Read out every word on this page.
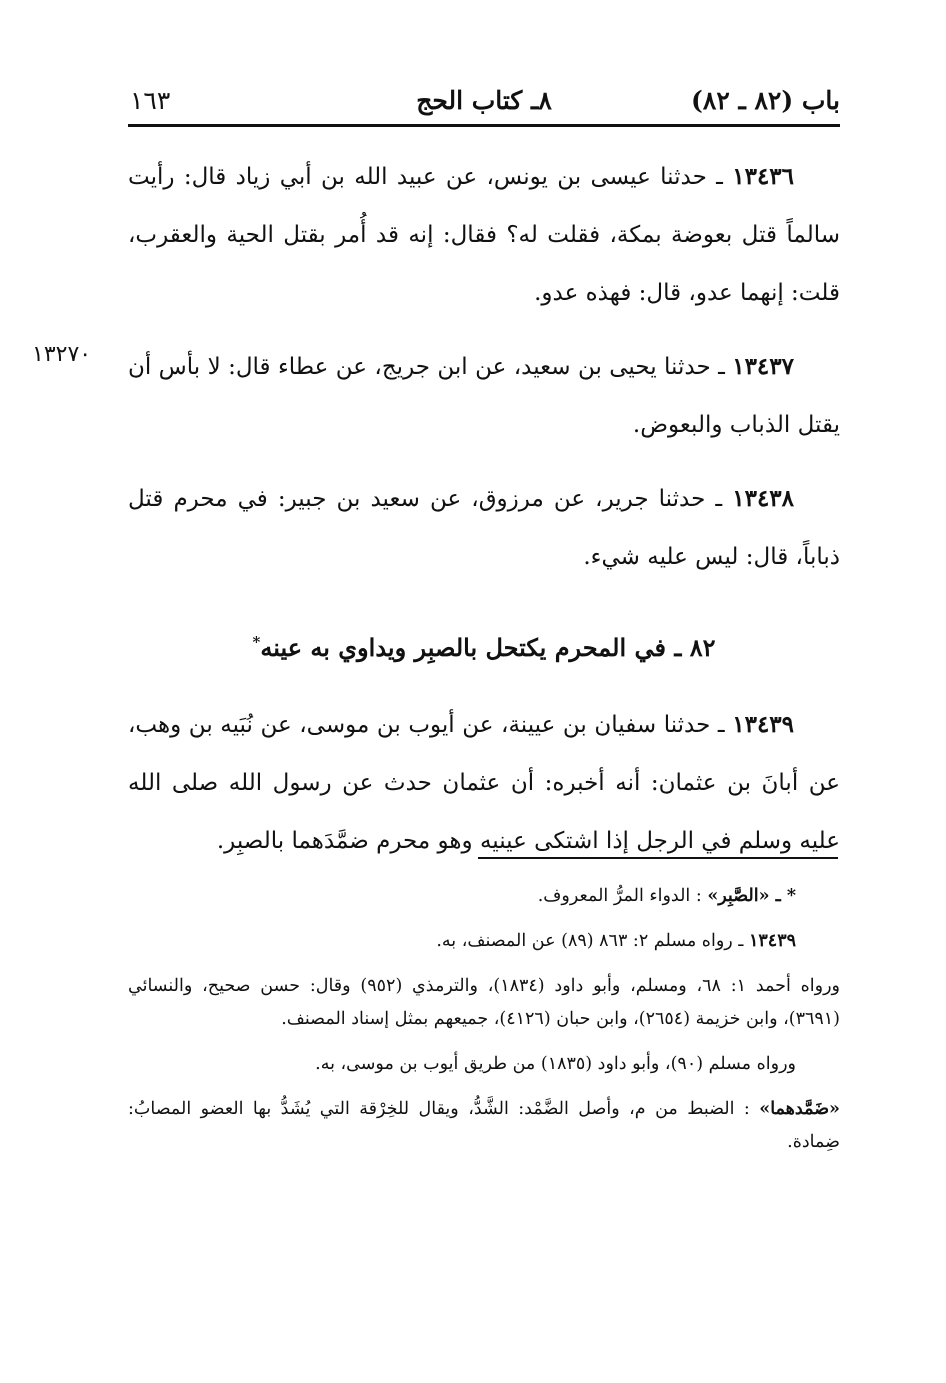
باب (٨٢ ـ ٨٢)
٨ـ كتاب الحج
١٦٣
١٣٢٧٠

١٣٤٣٦ ـ حدثنا عيسى بن يونس، عن عبيد الله بن أبي زياد قال: رأيت سالماً قتل بعوضة بمكة، فقلت له؟ فقال: إنه قد أُمر بقتل الحية والعقرب، قلت: إنهما عدو، قال: فهذه عدو.

١٣٤٣٧ ـ حدثنا يحيى بن سعيد، عن ابن جريج، عن عطاء قال: لا بأس أن يقتل الذباب والبعوض.

١٣٤٣٨ ـ حدثنا جرير، عن مرزوق، عن سعيد بن جبير: في محرم قتل ذباباً، قال: ليس عليه شيء.

٨٢ ـ في المحرم يكتحل بالصبِر ويداوي به عينه*

١٣٤٣٩ ـ حدثنا سفيان بن عيينة، عن أيوب بن موسى، عن نُبَيه بن وهب، عن أبانَ بن عثمان: أنه أخبره: أن عثمان حدث عن رسول الله صلى الله عليه وسلم في الرجل إذا اشتكى عينيه وهو محرم ضمَّدَهما بالصبِر.

* ـ «الصَّبِر» : الدواء المرُّ المعروف.

١٣٤٣٩ ـ رواه مسلم ٢: ٨٦٣ (٨٩) عن المصنف، به.

ورواه أحمد ١: ٦٨، ومسلم، وأبو داود (١٨٣٤)، والترمذي (٩٥٢) وقال: حسن صحيح، والنسائي (٣٦٩١)، وابن خزيمة (٢٦٥٤)، وابن حبان (٤١٢٦)، جميعهم بمثل إسناد المصنف.

ورواه مسلم (٩٠)، وأبو داود (١٨٣٥) من طريق أيوب بن موسى، به.

«ضَمَّدهما» : الضبط من م، وأصل الضَّمْد: الشَّدُّ، ويقال للخِرْقة التي يُشَدُّ بها العضو المصابُ: ضِمادة.
